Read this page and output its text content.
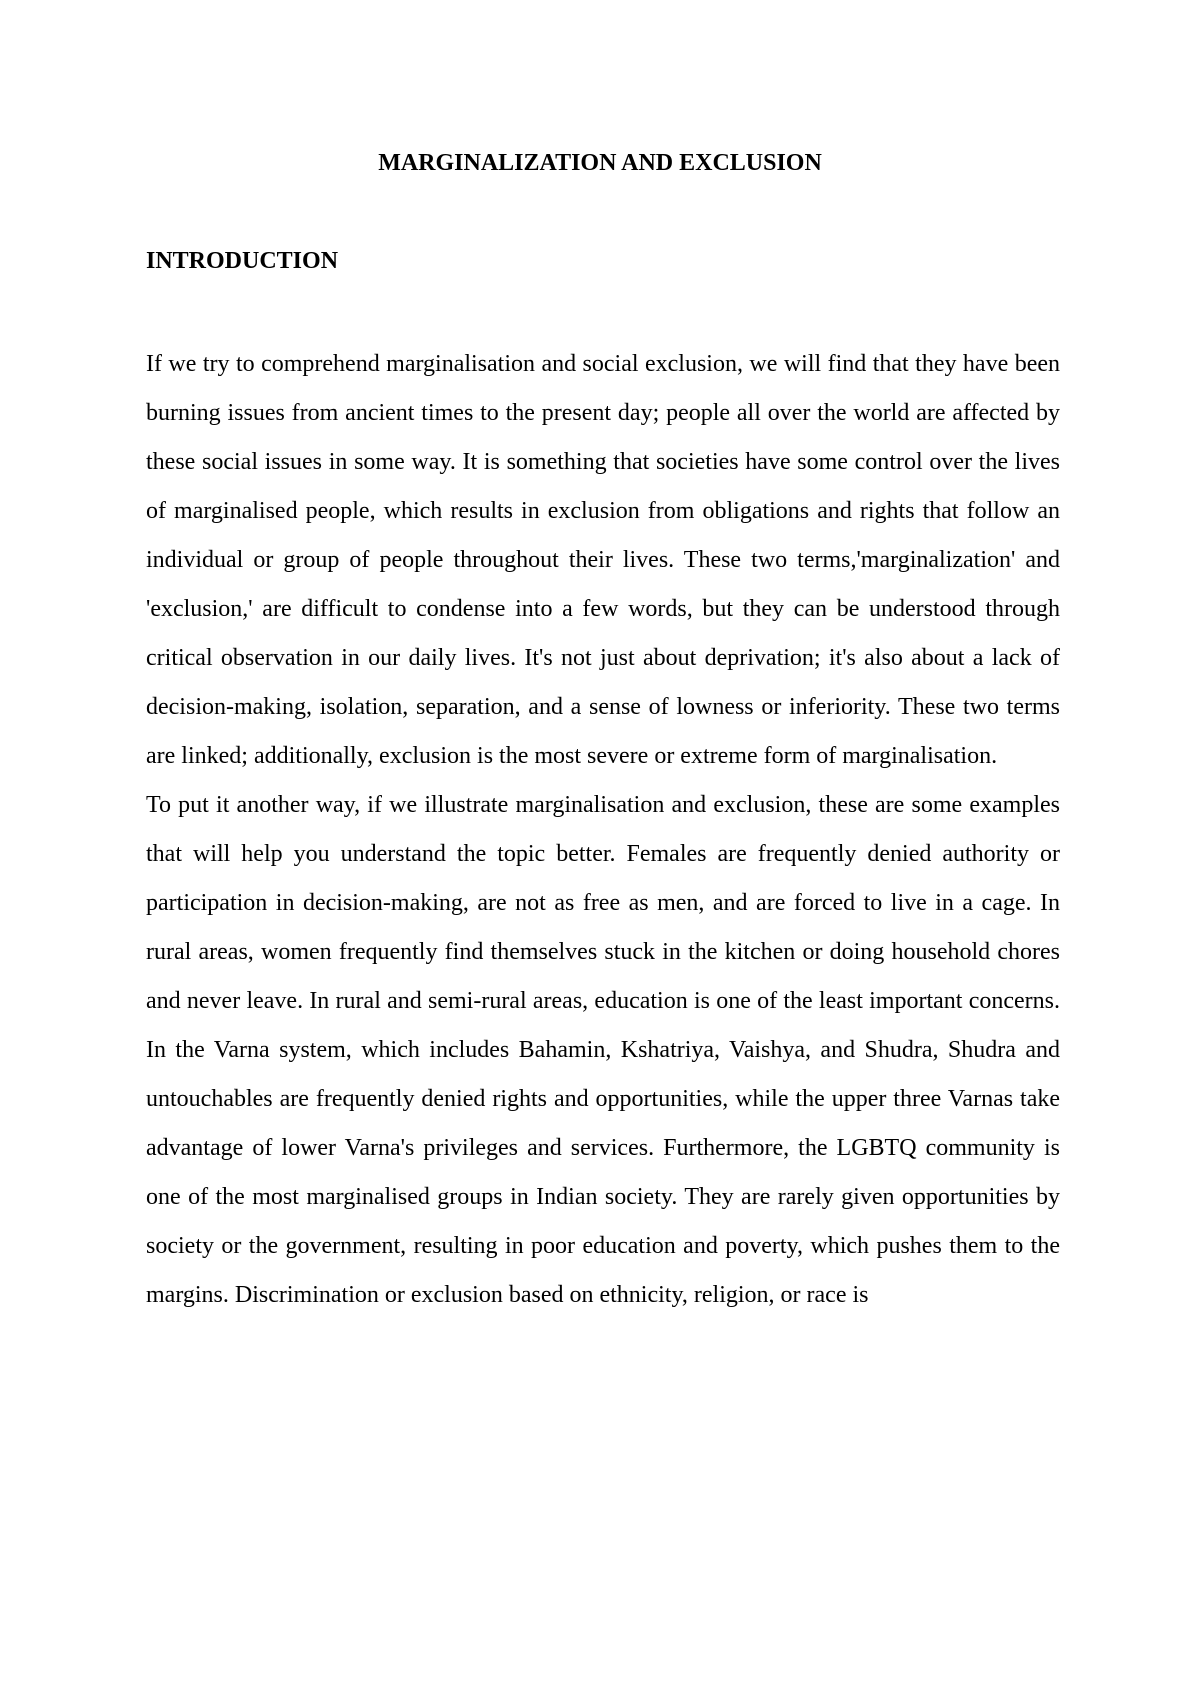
MARGINALIZATION AND EXCLUSION
INTRODUCTION

If we try to comprehend marginalisation and social exclusion, we will find that they have been burning issues from ancient times to the present day; people all over the world are affected by these social issues in some way. It is something that societies have some control over the lives of marginalised people, which results in exclusion from obligations and rights that follow an individual or group of people throughout their lives. These two terms,'marginalization' and 'exclusion,' are difficult to condense into a few words, but they can be understood through critical observation in our daily lives. It's not just about deprivation; it's also about a lack of decision-making, isolation, separation, and a sense of lowness or inferiority. These two terms are linked; additionally, exclusion is the most severe or extreme form of marginalisation.

To put it another way, if we illustrate marginalisation and exclusion, these are some examples that will help you understand the topic better. Females are frequently denied authority or participation in decision-making, are not as free as men, and are forced to live in a cage. In rural areas, women frequently find themselves stuck in the kitchen or doing household chores and never leave. In rural and semi-rural areas, education is one of the least important concerns. In the Varna system, which includes Bahamin, Kshatriya, Vaishya, and Shudra, Shudra and untouchables are frequently denied rights and opportunities, while the upper three Varnas take advantage of lower Varna's privileges and services. Furthermore, the LGBTQ community is one of the most marginalised groups in Indian society. They are rarely given opportunities by society or the government, resulting in poor education and poverty, which pushes them to the margins. Discrimination or exclusion based on ethnicity, religion, or race is
